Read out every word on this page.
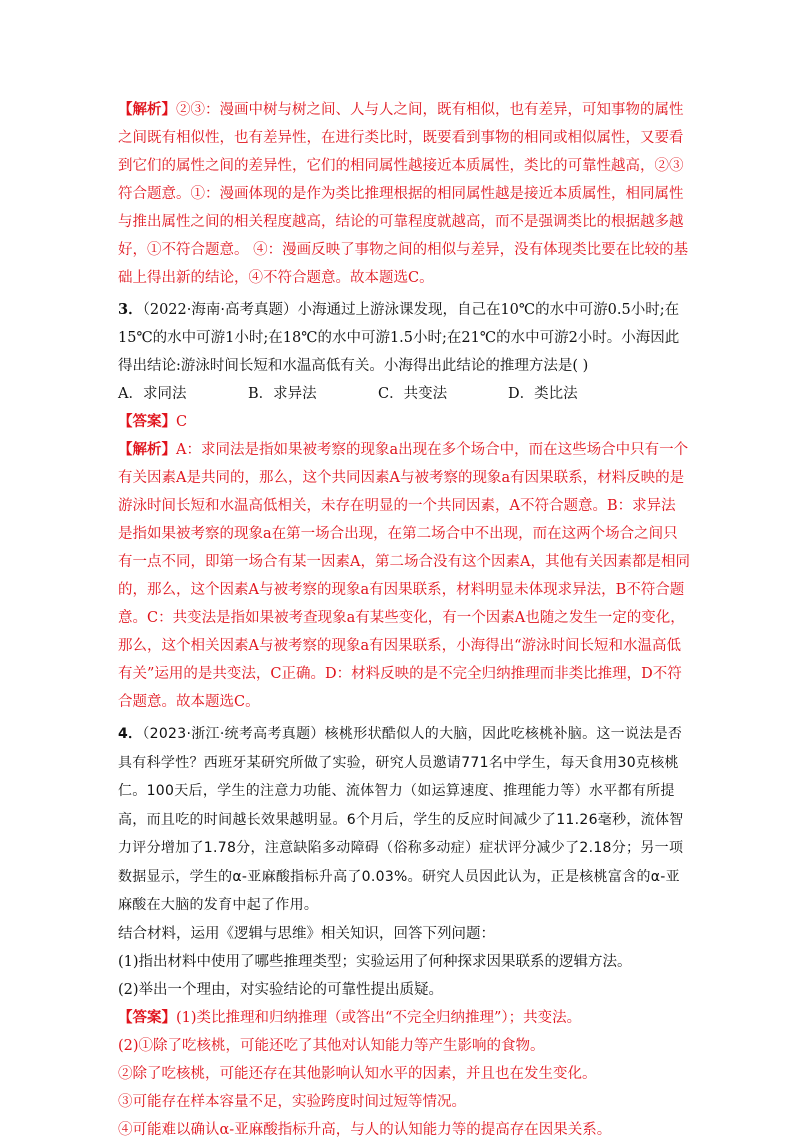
【解析】②③：漫画中树与树之间、人与人之间，既有相似，也有差异，可知事物的属性之间既有相似性，也有差异性，在进行类比时，既要看到事物的相同或相似属性，又要看到它们的属性之间的差异性，它们的相同属性越接近本质属性，类比的可靠性越高，②③符合题意。①：漫画体现的是作为类比推理根据的相同属性越是接近本质属性，相同属性与推出属性之间的相关程度越高，结论的可靠程度就越高，而不是强调类比的根据越多越好，①不符合题意。 ④：漫画反映了事物之间的相似与差异，没有体现类比要在比较的基础上得出新的结论，④不符合题意。故本题选C。

3．（2022·海南·高考真题）小海通过上游泳课发现，自己在10℃的水中可游0.5小时;在15℃的水中可游1小时;在18℃的水中可游1.5小时;在21℃的水中可游2小时。小海因此得出结论:游泳时间长短和水温高低有关。小海得出此结论的推理方法是( )

A．求同法	B．求异法	C．共变法	D．类比法

【答案】C

【解析】A：求同法是指如果被考察的现象a出现在多个场合中，而在这些场合中只有一个有关因素A是共同的，那么，这个共同因素A与被考察的现象a有因果联系，材料反映的是游泳时间长短和水温高低相关，未存在明显的一个共同因素，A不符合题意。B：求异法是指如果被考察的现象a在第一场合出现，在第二场合中不出现，而在这两个场合之间只有一点不同，即第一场合有某一因素A，第二场合没有这个因素A，其他有关因素都是相同的，那么，这个因素A与被考察的现象a有因果联系，材料明显未体现求异法，B不符合题意。C：共变法是指如果被考查现象a有某些变化，有一个因素A也随之发生一定的变化，那么，这个相关因素A与被考察的现象a有因果联系，小海得出“游泳时间长短和水温高低有关”运用的是共变法，C正确。D：材料反映的是不完全归纳推理而非类比推理，D不符合题意。故本题选C。

4．（2023·浙江·统考高考真题）核桃形状酷似人的大脑，因此吃核桃补脑。这一说法是否具有科学性？西班牙某研究所做了实验，研究人员邀请771名中学生，每天食用30克核桃仁。100天后，学生的注意力功能、流体智力（如运算速度、推理能力等）水平都有所提高，而且吃的时间越长效果越明显。6个月后，学生的反应时间减少了11.26毫秒，流体智力评分增加了1.78分，注意缺陷多动障碍（俗称多动症）症状评分减少了2.18分；另一项数据显示，学生的α-亚麻酸指标升高了0.03%。研究人员因此认为，正是核桃富含的α-亚麻酸在大脑的发育中起了作用。

结合材料，运用《逻辑与思维》相关知识，回答下列问题：

(1)指出材料中使用了哪些推理类型；实验运用了何种探求因果联系的逻辑方法。

(2)举出一个理由，对实验结论的可靠性提出质疑。

【答案】(1)类比推理和归纳推理（或答出“不完全归纳推理”）；共变法。

(2)①除了吃核桃，可能还吃了其他对认知能力等产生影响的食物。

②除了吃核桃，可能还存在其他影响认知水平的因素，并且也在发生变化。

③可能存在样本容量不足，实验跨度时间过短等情况。

④可能难以确认α-亚麻酸指标升高，与人的认知能力等的提高存在因果关系。
